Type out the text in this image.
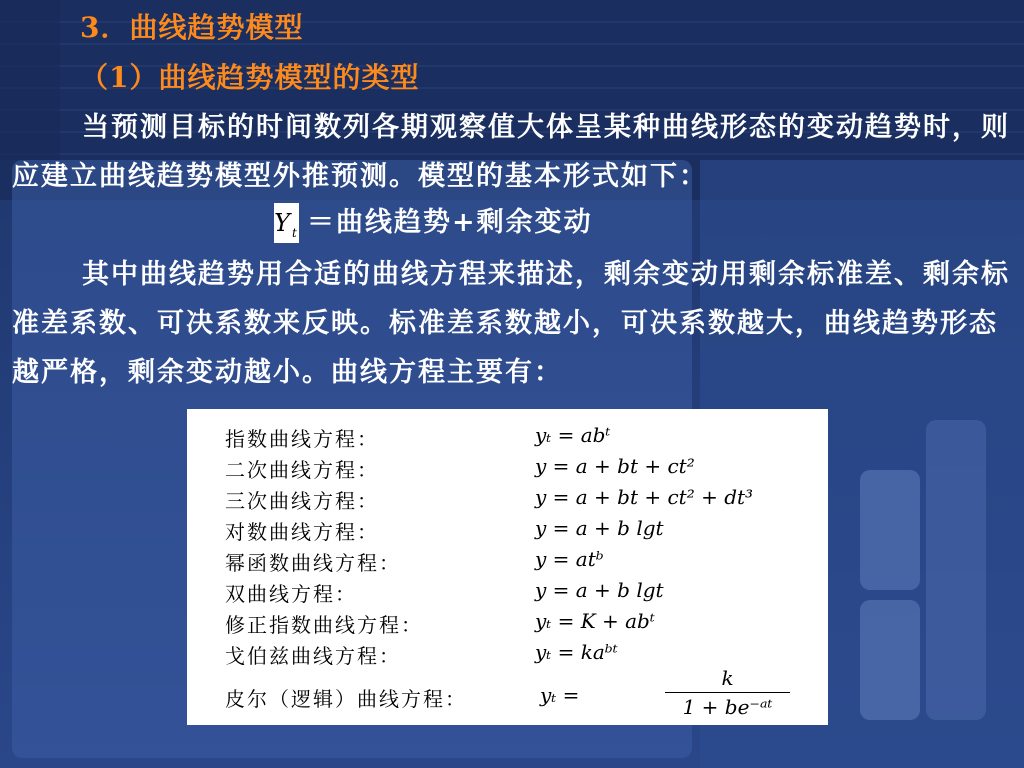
3．曲线趋势模型
（1）曲线趋势模型的类型

当预测目标的时间数列各期观察值大体呈某种曲线形态的变动趋势时，则应建立曲线趋势模型外推预测。模型的基本形式如下：

$Y_t$ ＝曲线趋势+剩余变动

其中曲线趋势用合适的曲线方程来描述，剩余变动用剩余标准差、剩余标准差系数、可决系数来反映。标准差系数越小，可决系数越大，曲线趋势形态越严格，剩余变动越小。曲线方程主要有：

指数曲线方程：	yₜ = abᵗ
二次曲线方程：	y = a + bt + ct²
三次曲线方程：	y = a + bt + ct² + dt³
对数曲线方程：	y = a + b lgt
幂函数曲线方程：	y = atᵇ
双曲线方程：	y = a + b lgt
修正指数曲线方程：	yₜ = K + abᵗ
戈伯兹曲线方程：	yₜ = kaᵇᵗ
皮尔（逻辑）曲线方程：	yₜ =
k
1 + be⁻ᵃᵗ
